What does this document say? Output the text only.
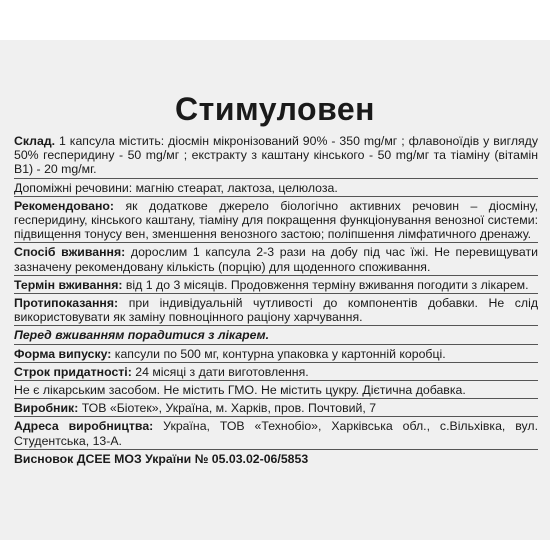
Стимуловен

Склад. 1 капсула містить: діосмін мікронізований 90% - 350 mg/мг ; флавоноїдів у вигляду 50% гесперидину - 50 mg/мг ; екстракту з каштану кінського - 50 mg/мг та тіаміну (вітамін В1) - 20 mg/мг.

Допоміжні речовини: магнію стеарат, лактоза, целюлоза.

Рекомендовано: як додаткове джерело біологічно активних речовин – діосміну, гесперидину, кінського каштану, тіаміну для покращення функціонування венозної системи: підвищення тонусу вен, зменшення венозного застою; поліпшення лімфатичного дренажу.

Спосіб вживання: дорослим 1 капсула 2-3 рази на добу під час їжі. Не перевищувати зазначену рекомендовану кількість (порцію) для щоденного споживання.

Термін вживання: від 1 до 3 місяців. Продовження терміну вживання погодити з лікарем.

Протипоказання: при індивідуальній чутливості до компонентів добавки. Не слід використовувати як заміну повноцінного раціону харчування.

Перед вживанням порадитися з лікарем.

Форма випуску: капсули по 500 мг, контурна упаковка у картонній коробці.

Строк придатності: 24 місяці з дати виготовлення.

Не є лікарським засобом. Не містить ГМО. Не містить цукру. Дієтична добавка.

Виробник: ТОВ «Біотек», Україна, м. Харків, пров. Почтовий, 7

Адреса виробництва: Україна, ТОВ «Технобіо», Харківська обл., с.Вільхівка, вул. Студентська, 13-А.

Висновок ДСЕЕ МОЗ України № 05.03.02-06/5853
